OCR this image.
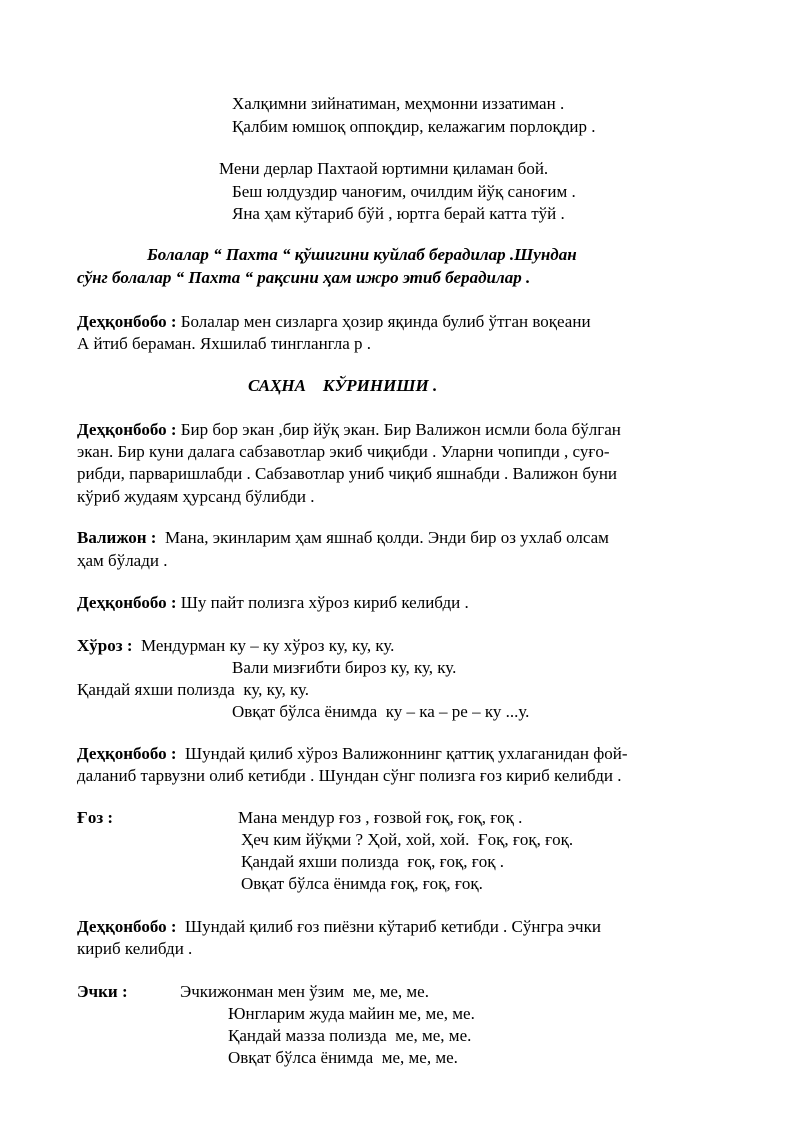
Халқимни зийнатиман, меҳмонни иззатиман .
Қалбим юмшоқ оппоқдир, келажагим порлоқдир .
Мени дерлар Пахтаой юртимни қиламан бой.
Беш юлдуздир чаноғим, очилдим йўқ саноғим .
Яна ҳам кўтариб бўй , юртга берай катта тўй .
Болалар “ Пахта “ қўшигини куйлаб берадилар .Шундан
сўнг болалар “ Пахта “ рақсини ҳам ижро этиб берадилар .
Деҳқонбобо : Болалар мен сизларга ҳозир яқинда булиб ўтган воқеани
А йтиб бераман. Яхшилаб тинглангла р .
САҲНА    КЎРИНИШИ .
Деҳқонбобо : Бир бор экан ,бир йўқ экан. Бир Валижон исмли бола бўлган
экан. Бир куни далага сабзавотлар экиб чиқибди . Уларни чопипди , суғо-
рибди, парваришлабди . Сабзавотлар униб чиқиб яшнабди . Валижон буни
кўриб жудаям ҳурсанд бўлибди .
Валижон :  Мана, экинларим ҳам яшнаб қолди. Энди бир оз ухлаб олсам
ҳам бўлади .
Деҳқонбобо : Шу пайт полизга хўроз кириб келибди .
Хўроз :  Мендурман ку – ку хўроз ку, ку, ку.
Вали мизғибти бироз ку, ку, ку.
Қандай яхши полизда  ку, ку, ку.
Овқат бўлса ёнимда  ку – ка – ре – ку ...у.
Деҳқонбобо :  Шундай қилиб хўроз Валижоннинг қаттиқ ухлаганидан фой-
даланиб тарвузни олиб кетибди . Шундан сўнг полизга ғоз кириб келибди .
Ғоз :	Мана мендур ғоз , ғозвой ғоқ, ғоқ, ғоқ .
Ҳеч ким йўқми ? Ҳой, хой, хой.  Ғоқ, ғоқ, ғоқ.
Қандай яхши полизда  ғоқ, ғоқ, ғоқ .
Овқат бўлса ёнимда ғоқ, ғоқ, ғоқ.
Деҳқонбобо :  Шундай қилиб ғоз пиёзни кўтариб кетибди . Сўнгра эчки
кириб келибди .
Эчки :	Эчкижонман мен ўзим  ме, ме, ме.
Юнгларим жуда майин ме, ме, ме.
Қандай мазза полизда  ме, ме, ме.
Овқат бўлса ёнимда  ме, ме, ме.
